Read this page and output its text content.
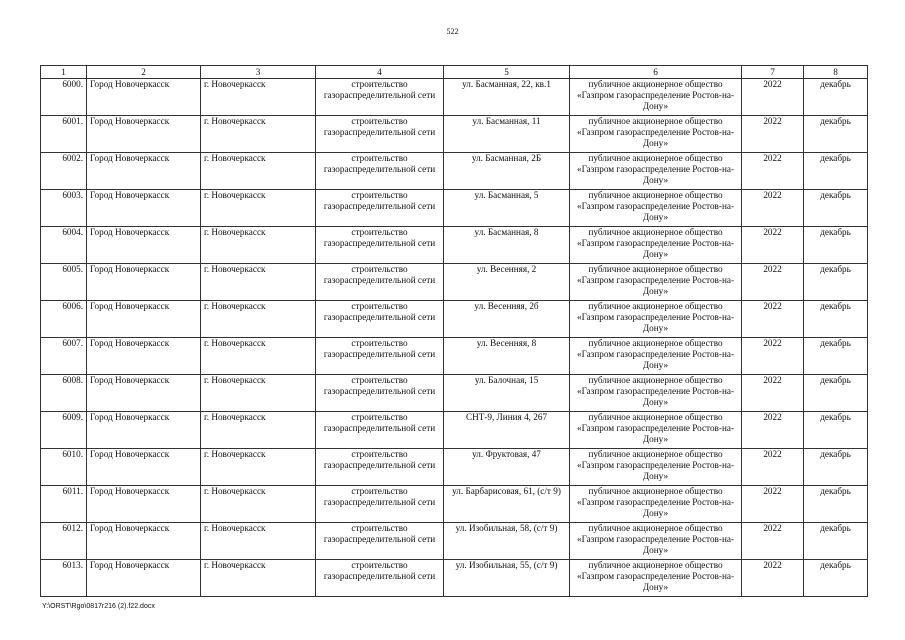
522
1	2	3	4	5	6	7	8
6000.	Город Новочеркасск	г. Новочеркасск	строительство газораспределительной сети	ул. Басманная, 22, кв.1	публичное акционерное общество «Газпром газораспределение Ростов-на-Дону»	2022	декабрь
6001.	Город Новочеркасск	г. Новочеркасск	строительство газораспределительной сети	ул. Басманная, 11	публичное акционерное общество «Газпром газораспределение Ростов-на-Дону»	2022	декабрь
6002.	Город Новочеркасск	г. Новочеркасск	строительство газораспределительной сети	ул. Басманная, 2Б	публичное акционерное общество «Газпром газораспределение Ростов-на-Дону»	2022	декабрь
6003.	Город Новочеркасск	г. Новочеркасск	строительство газораспределительной сети	ул. Басманная, 5	публичное акционерное общество «Газпром газораспределение Ростов-на-Дону»	2022	декабрь
6004.	Город Новочеркасск	г. Новочеркасск	строительство газораспределительной сети	ул. Басманная, 8	публичное акционерное общество «Газпром газораспределение Ростов-на-Дону»	2022	декабрь
6005.	Город Новочеркасск	г. Новочеркасск	строительство газораспределительной сети	ул. Весенняя, 2	публичное акционерное общество «Газпром газораспределение Ростов-на-Дону»	2022	декабрь
6006.	Город Новочеркасск	г. Новочеркасск	строительство газораспределительной сети	ул. Весенняя, 2б	публичное акционерное общество «Газпром газораспределение Ростов-на-Дону»	2022	декабрь
6007.	Город Новочеркасск	г. Новочеркасск	строительство газораспределительной сети	ул. Весенняя, 8	публичное акционерное общество «Газпром газораспределение Ростов-на-Дону»	2022	декабрь
6008.	Город Новочеркасск	г. Новочеркасск	строительство газораспределительной сети	ул. Балочная, 15	публичное акционерное общество «Газпром газораспределение Ростов-на-Дону»	2022	декабрь
6009.	Город Новочеркасск	г. Новочеркасск	строительство газораспределительной сети	СНТ-9, Линия 4, 267	публичное акционерное общество «Газпром газораспределение Ростов-на-Дону»	2022	декабрь
6010.	Город Новочеркасск	г. Новочеркасск	строительство газораспределительной сети	ул. Фруктовая, 47	публичное акционерное общество «Газпром газораспределение Ростов-на-Дону»	2022	декабрь
6011.	Город Новочеркасск	г. Новочеркасск	строительство газораспределительной сети	ул. Барбарисовая, 61, (с/т 9)	публичное акционерное общество «Газпром газораспределение Ростов-на-Дону»	2022	декабрь
6012.	Город Новочеркасск	г. Новочеркасск	строительство газораспределительной сети	ул. Изобильная, 58, (с/т 9)	публичное акционерное общество «Газпром газораспределение Ростов-на-Дону»	2022	декабрь
6013.	Город Новочеркасск	г. Новочеркасск	строительство газораспределительной сети	ул. Изобильная, 55, (с/т 9)	публичное акционерное общество «Газпром газораспределение Ростов-на-Дону»	2022	декабрь
Y:\ORST\Rgo\0817r216 (2).f22.docx
